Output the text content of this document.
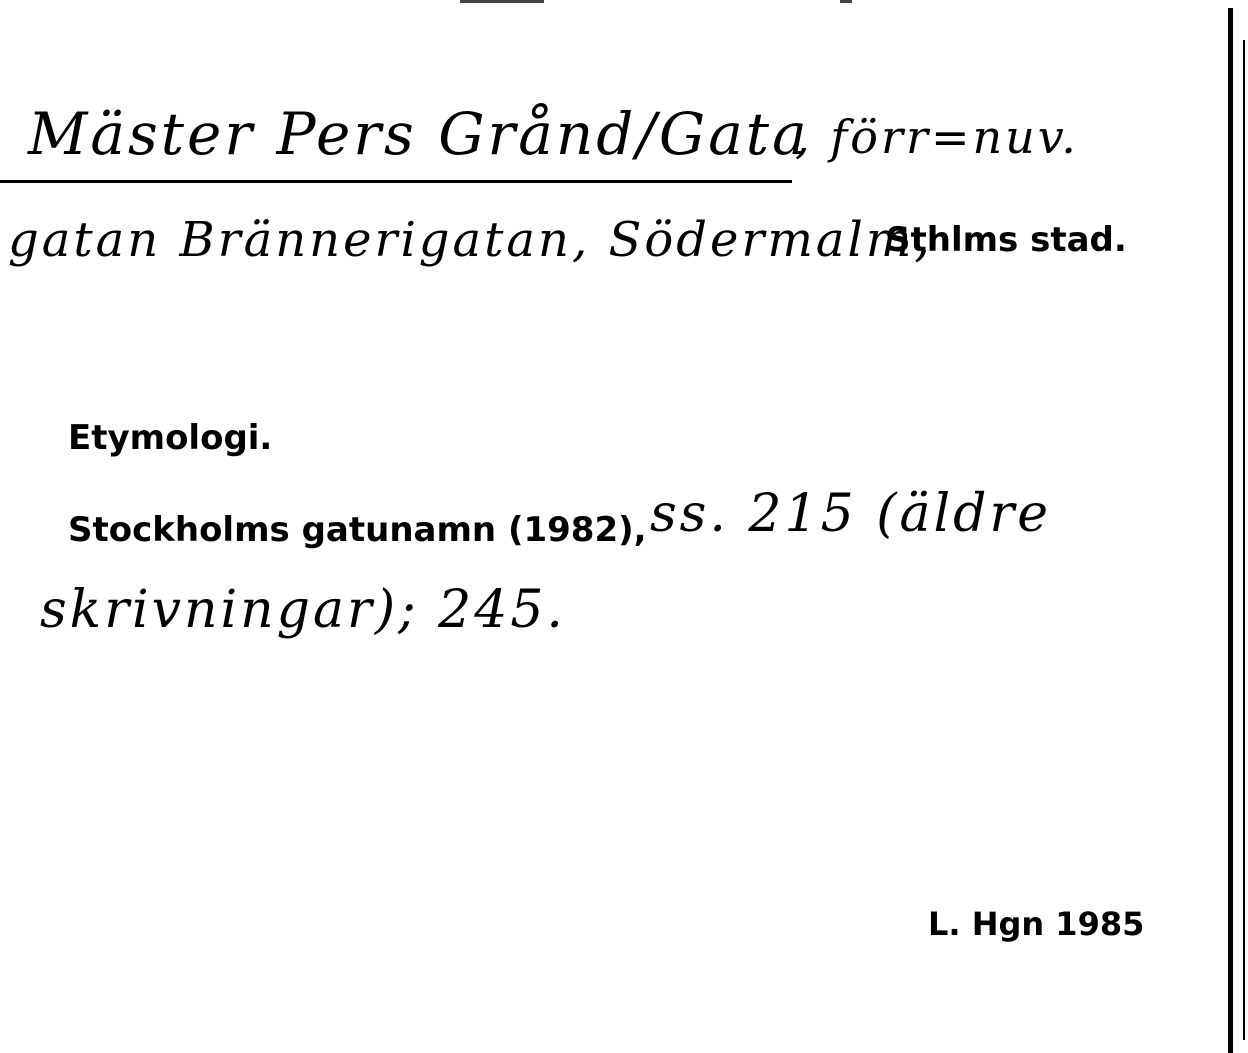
Mäster Pers Grånd/Gata
, förr=nuv.
gatan Brännerigatan, Södermalm,
Sthlms stad.
Etymologi.
Stockholms gatunamn (1982), ss. 215 (äldre
skrivningar); 245.
L. Hgn 1985
